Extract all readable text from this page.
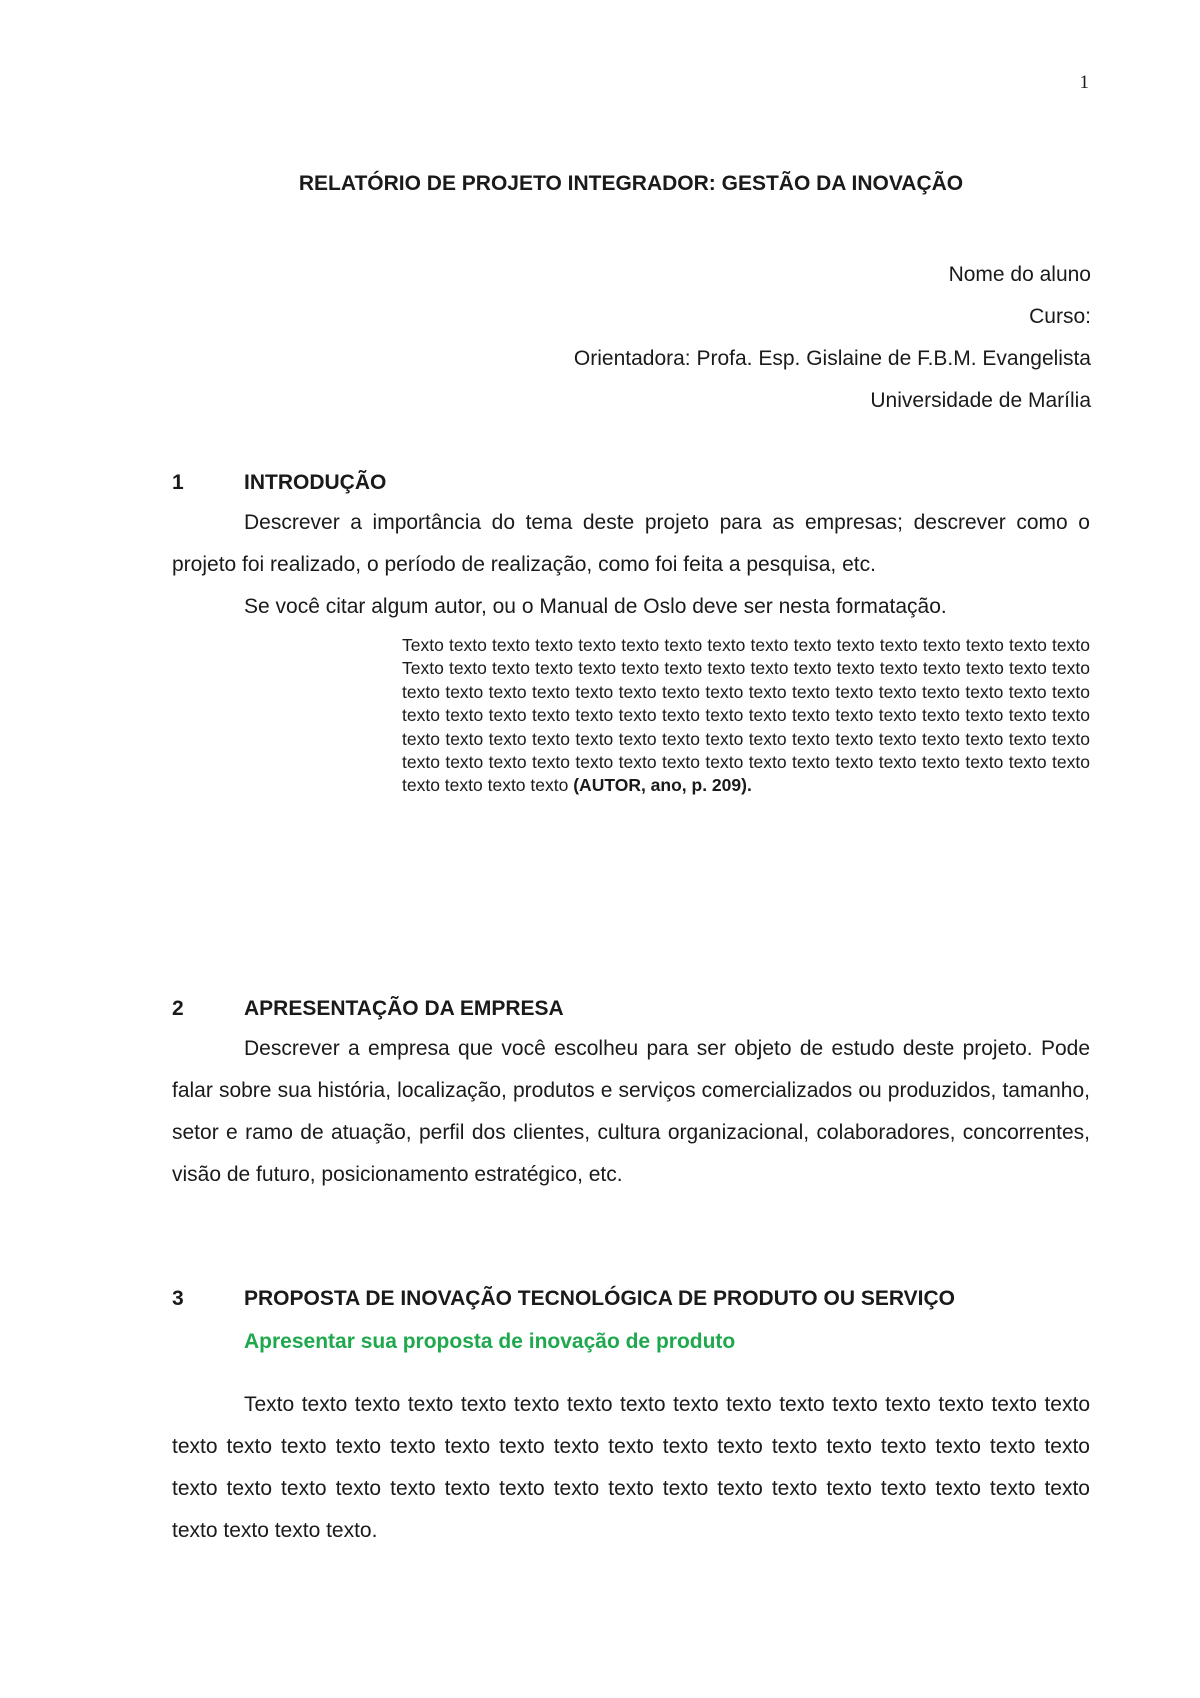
1
RELATÓRIO DE PROJETO INTEGRADOR: GESTÃO DA INOVAÇÃO
Nome do aluno
Curso:
Orientadora: Profa. Esp. Gislaine de F.B.M. Evangelista
Universidade de Marília
1	INTRODUÇÃO

Descrever a importância do tema deste projeto para as empresas; descrever como o projeto foi realizado, o período de realização, como foi feita a pesquisa, etc.

Se você citar algum autor, ou o Manual de Oslo deve ser nesta formatação.

Texto texto texto texto texto texto texto texto texto texto texto texto texto texto texto texto Texto texto texto texto texto texto texto texto texto texto texto texto texto texto texto texto texto texto texto texto texto texto texto texto texto texto texto texto texto texto texto texto texto texto texto texto texto texto texto texto texto texto texto texto texto texto texto texto texto texto texto texto texto texto texto texto texto texto texto texto texto texto texto texto texto texto texto texto texto texto texto texto texto texto texto texto texto texto texto texto texto texto texto texto (AUTOR, ano, p. 209).

2	APRESENTAÇÃO DA EMPRESA

Descrever a empresa que você escolheu para ser objeto de estudo deste projeto. Pode falar sobre sua história, localização, produtos e serviços comercializados ou produzidos, tamanho, setor e ramo de atuação, perfil dos clientes, cultura organizacional, colaboradores, concorrentes, visão de futuro, posicionamento estratégico, etc.

3	PROPOSTA DE INOVAÇÃO TECNOLÓGICA DE PRODUTO OU SERVIÇO
Apresentar sua proposta de inovação de produto

Texto texto texto texto texto texto texto texto texto texto texto texto texto texto texto texto texto texto texto texto texto texto texto texto texto texto texto texto texto texto texto texto texto texto texto texto texto texto texto texto texto texto texto texto texto texto texto texto texto texto texto texto texto texto.
